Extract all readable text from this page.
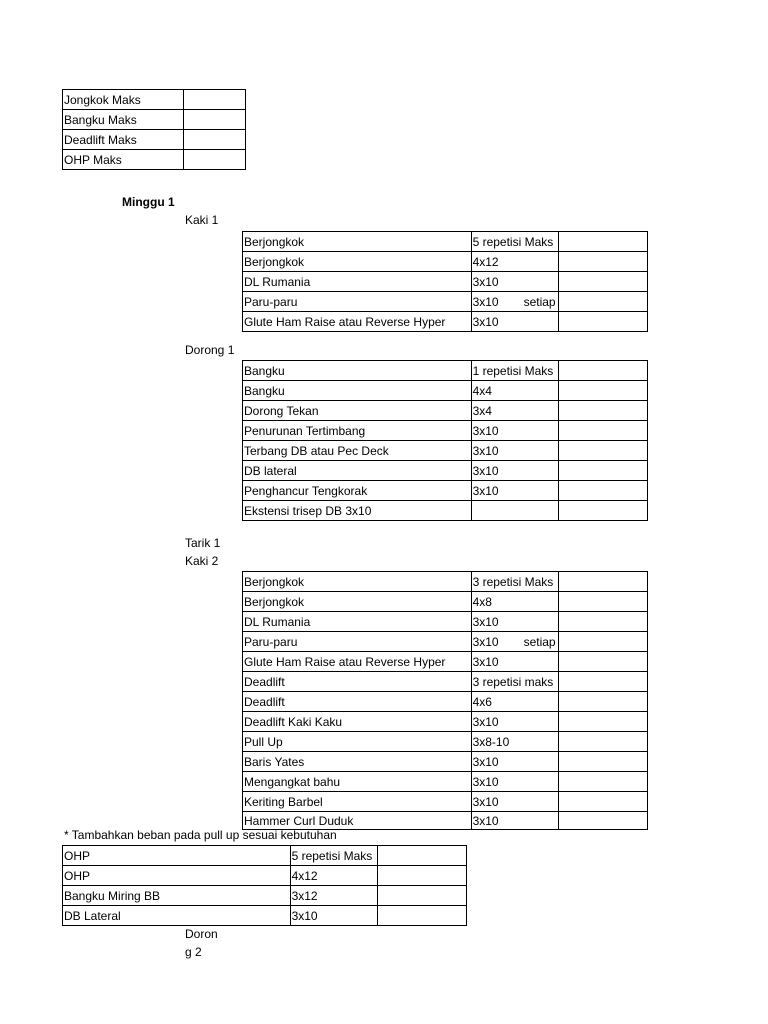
Jongkok Maks	
Bangku Maks	
Deadlift Maks	
OHP Maks	
Minggu 1
Kaki 1
Berjongkok	5 repetisi Maks	
Berjongkok	4x12	
DL Rumania	3x10	
Paru-paru	3x10 setiap	

Glute Ham Raise atau Reverse Hyper	3x10	
Dorong 1
Bangku	1 repetisi Maks	
Bangku	4x4	
Dorong Tekan	3x4	
Penurunan Tertimbang	3x10	
Terbang DB atau Pec Deck	3x10	
DB lateral	3x10	
Penghancur Tengkorak	3x10	
Ekstensi trisep DB 3x10		
Tarik 1
Kaki 2
Berjongkok	3 repetisi Maks	
Berjongkok	4x8	
DL Rumania	3x10	
Paru-paru	3x10 setiap	

Glute Ham Raise atau Reverse Hyper	3x10	
Deadlift	3 repetisi maks	
Deadlift	4x6	
Deadlift Kaki Kaku	3x10	
Pull Up	3x8-10	
Baris Yates	3x10	
Mengangkat bahu	3x10	
Keriting Barbel	3x10	
Hammer Curl Duduk	3x10	
* Tambahkan beban pada pull up sesuai kebutuhan
OHP	5 repetisi Maks	
OHP	4x12	
Bangku Miring BB	3x12	
DB Lateral	3x10	
Doron
g 2
